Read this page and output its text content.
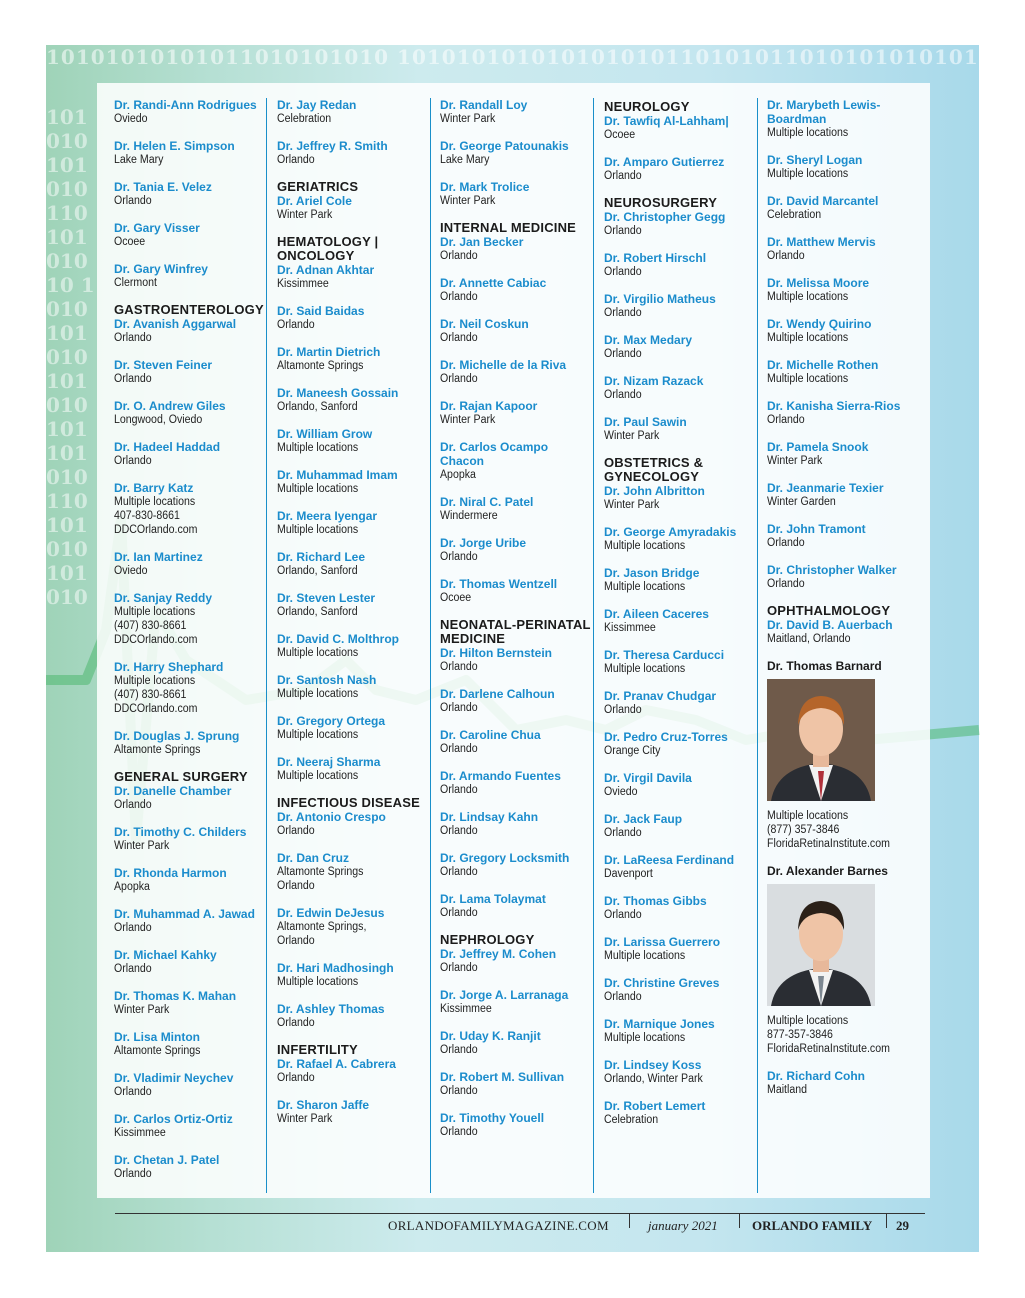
10101010101011010101010 1010101010101010101101010110101010101010
10101010101011010101010 1010101010101010101101010110101010101010
Dr. Randi-Ann Rodrigues
Oviedo
Dr. Helen E. Simpson
Lake Mary
Dr. Tania E. Velez
Orlando
Dr. Gary Visser
Ocoee
Dr. Gary Winfrey
Clermont
GASTROENTEROLOGY
Dr. Avanish Aggarwal
Orlando
Dr. Steven Feiner
Orlando
Dr. O. Andrew Giles
Longwood, Oviedo
Dr. Hadeel Haddad
Orlando
Dr. Barry Katz
Multiple locations
407-830-8661
DDCOrlando.com
Dr. Ian Martinez
Oviedo
Dr. Sanjay Reddy
Multiple locations
(407) 830-8661
DDCOrlando.com
Dr. Harry Shephard
Multiple locations
(407) 830-8661
DDCOrlando.com
Dr. Douglas J. Sprung
Altamonte Springs
GENERAL SURGERY
Dr. Danelle Chamber
Orlando
Dr. Timothy C. Childers
Winter Park
Dr. Rhonda Harmon
Apopka
Dr. Muhammad A. Jawad
Orlando
Dr. Michael Kahky
Orlando
Dr. Thomas K. Mahan
Winter Park
Dr. Lisa Minton
Altamonte Springs
Dr. Vladimir Neychev
Orlando
Dr. Carlos Ortiz-Ortiz
Kissimmee
Dr. Chetan J. Patel
Orlando
Dr. Jay Redan
Celebration
Dr. Jeffrey R. Smith
Orlando
GERIATRICS
Dr. Ariel Cole
Winter Park
HEMATOLOGY | ONCOLOGY
Dr. Adnan Akhtar
Kissimmee
Dr. Said Baidas
Orlando
Dr. Martin Dietrich
Altamonte Springs
Dr. Maneesh Gossain
Orlando, Sanford
Dr. William Grow
Multiple locations
Dr. Muhammad Imam
Multiple locations
Dr. Meera Iyengar
Multiple locations
Dr. Richard Lee
Orlando, Sanford
Dr. Steven Lester
Orlando, Sanford
Dr. David C. Molthrop
Multiple locations
Dr. Santosh Nash
Multiple locations
Dr. Gregory Ortega
Multiple locations
Dr. Neeraj Sharma
Multiple locations
INFECTIOUS DISEASE
Dr. Antonio Crespo
Orlando
Dr. Dan Cruz
Altamonte Springs
Orlando
Dr. Edwin DeJesus
Altamonte Springs,
Orlando
Dr. Hari Madhosingh
Multiple locations
Dr. Ashley Thomas
Orlando
INFERTILITY
Dr. Rafael A. Cabrera
Orlando
Dr. Sharon Jaffe
Winter Park
Dr. Randall Loy
Winter Park
Dr. George Patounakis
Lake Mary
Dr. Mark Trolice
Winter Park
INTERNAL MEDICINE
Dr. Jan Becker
Orlando
Dr. Annette Cabiac
Orlando
Dr. Neil Coskun
Orlando
Dr. Michelle de la Riva
Orlando
Dr. Rajan Kapoor
Winter Park
Dr. Carlos Ocampo Chacon
Apopka
Dr. Niral C. Patel
Windermere
Dr. Jorge Uribe
Orlando
Dr. Thomas Wentzell
Ocoee
NEONATAL-PERINATAL MEDICINE
Dr. Hilton Bernstein
Orlando
Dr. Darlene Calhoun
Orlando
Dr. Caroline Chua
Orlando
Dr. Armando Fuentes
Orlando
Dr. Lindsay Kahn
Orlando
Dr. Gregory Locksmith
Orlando
Dr. Lama Tolaymat
Orlando
NEPHROLOGY
Dr. Jeffrey M. Cohen
Orlando
Dr. Jorge A. Larranaga
Kissimmee
Dr. Uday K. Ranjit
Orlando
Dr. Robert M. Sullivan
Orlando
Dr. Timothy Youell
Orlando
NEUROLOGY
Dr. Tawfiq Al-Lahham|
Ocoee
Dr. Amparo Gutierrez
Orlando
NEUROSURGERY
Dr. Christopher Gegg
Orlando
Dr. Robert Hirschl
Orlando
Dr. Virgilio Matheus
Orlando
Dr. Max Medary
Orlando
Dr. Nizam Razack
Orlando
Dr. Paul Sawin
Winter Park
OBSTETRICS & GYNECOLOGY
Dr. John Albritton
Winter Park
Dr. George Amyradakis
Multiple locations
Dr. Jason Bridge
Multiple locations
Dr. Aileen Caceres
Kissimmee
Dr. Theresa Carducci
Multiple locations
Dr. Pranav Chudgar
Orlando
Dr. Pedro Cruz-Torres
Orange City
Dr. Virgil Davila
Oviedo
Dr. Jack Faup
Orlando
Dr. LaReesa Ferdinand
Davenport
Dr. Thomas Gibbs
Orlando
Dr. Larissa Guerrero
Multiple locations
Dr. Christine Greves
Orlando
Dr. Marnique Jones
Multiple locations
Dr. Lindsey Koss
Orlando, Winter Park
Dr. Robert Lemert
Celebration
Dr. Marybeth Lewis-Boardman
Multiple locations
Dr. Sheryl Logan
Multiple locations
Dr. David Marcantel
Celebration
Dr. Matthew Mervis
Orlando
Dr. Melissa Moore
Multiple locations
Dr. Wendy Quirino
Multiple locations
Dr. Michelle Rothen
Multiple locations
Dr. Kanisha Sierra-Rios
Orlando
Dr. Pamela Snook
Winter Park
Dr. Jeanmarie Texier
Winter Garden
Dr. John Tramont
Orlando
Dr. Christopher Walker
Orlando
OPHTHALMOLOGY
Dr. David B. Auerbach
Maitland, Orlando
Dr. Thomas Barnard
Multiple locations
(877) 357-3846
FloridaRetinaInstitute.com
Dr. Alexander Barnes
Multiple locations
877-357-3846
FloridaRetinaInstitute.com
Dr. Richard Cohn
Maitland
ORLANDOFAMILYMAGAZINE.COM	january 2021	ORLANDO FAMILY 29
